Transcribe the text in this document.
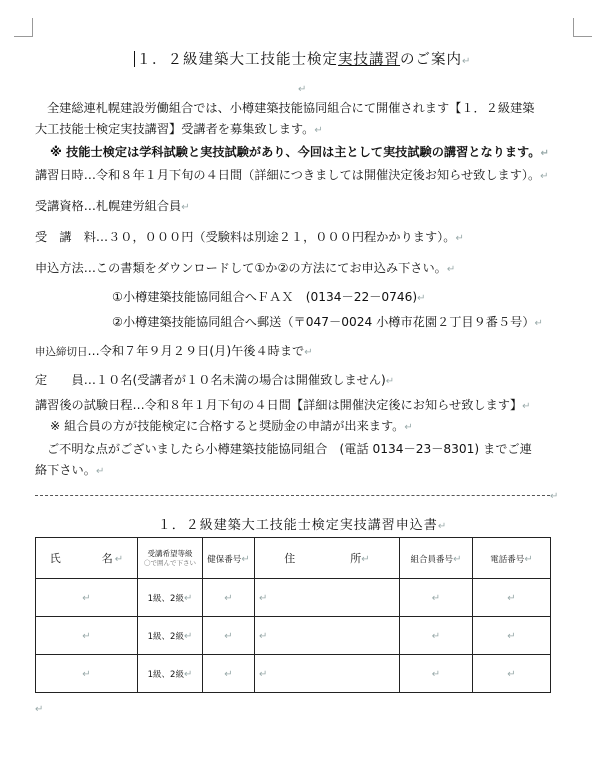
１．２級建築大工技能士検定実技講習のご案内↵
↵
全建総連札幌建設労働組合では、小樽建築技能協同組合にて開催されます【１．２級建築
大工技能士検定実技講習】受講者を募集致します。↵
※ 技能士検定は学科試験と実技試験があり、今回は主として実技試験の講習となります。↵
講習日時…令和８年１月下旬の４日間（詳細につきましては開催決定後お知らせ致します）。↵
受講資格…札幌建労組合員↵
受　講　料…３０，０００円（受験料は別途２１，０００円程かかります）。↵
申込方法…この書類をダウンロードして①か②の方法にてお申込み下さい。↵
①小樽建築技能協同組合へＦＡＸ　(0134－22－0746)↵
②小樽建築技能協同組合へ郵送（〒047－0024 小樽市花園２丁目９番５号）↵
申込締切日…令和７年９月２９日(月)午後４時まで↵
定　　員…１０名(受講者が１０名未満の場合は開催致しません)↵
講習後の試験日程…令和８年１月下旬の４日間【詳細は開催決定後にお知らせ致します】↵
※ 組合員の方が技能検定に合格すると奨励金の申請が出来ます。↵
ご不明な点がございましたら小樽建築技能協同組合　(電話 0134－23－8301) までご連
絡下さい。↵
↵
１．２級建築大工技能士検定実技講習申込書↵
氏　　　名↵	受講希望等級
〇で囲んで下さい	健保番号↵	住　　　　　所↵	組合員番号↵	電話番号↵
↵	1級、2級↵	↵	↵	↵	↵
↵	1級、2級↵	↵	↵	↵	↵
↵	1級、2級↵	↵	↵	↵	↵
↵
